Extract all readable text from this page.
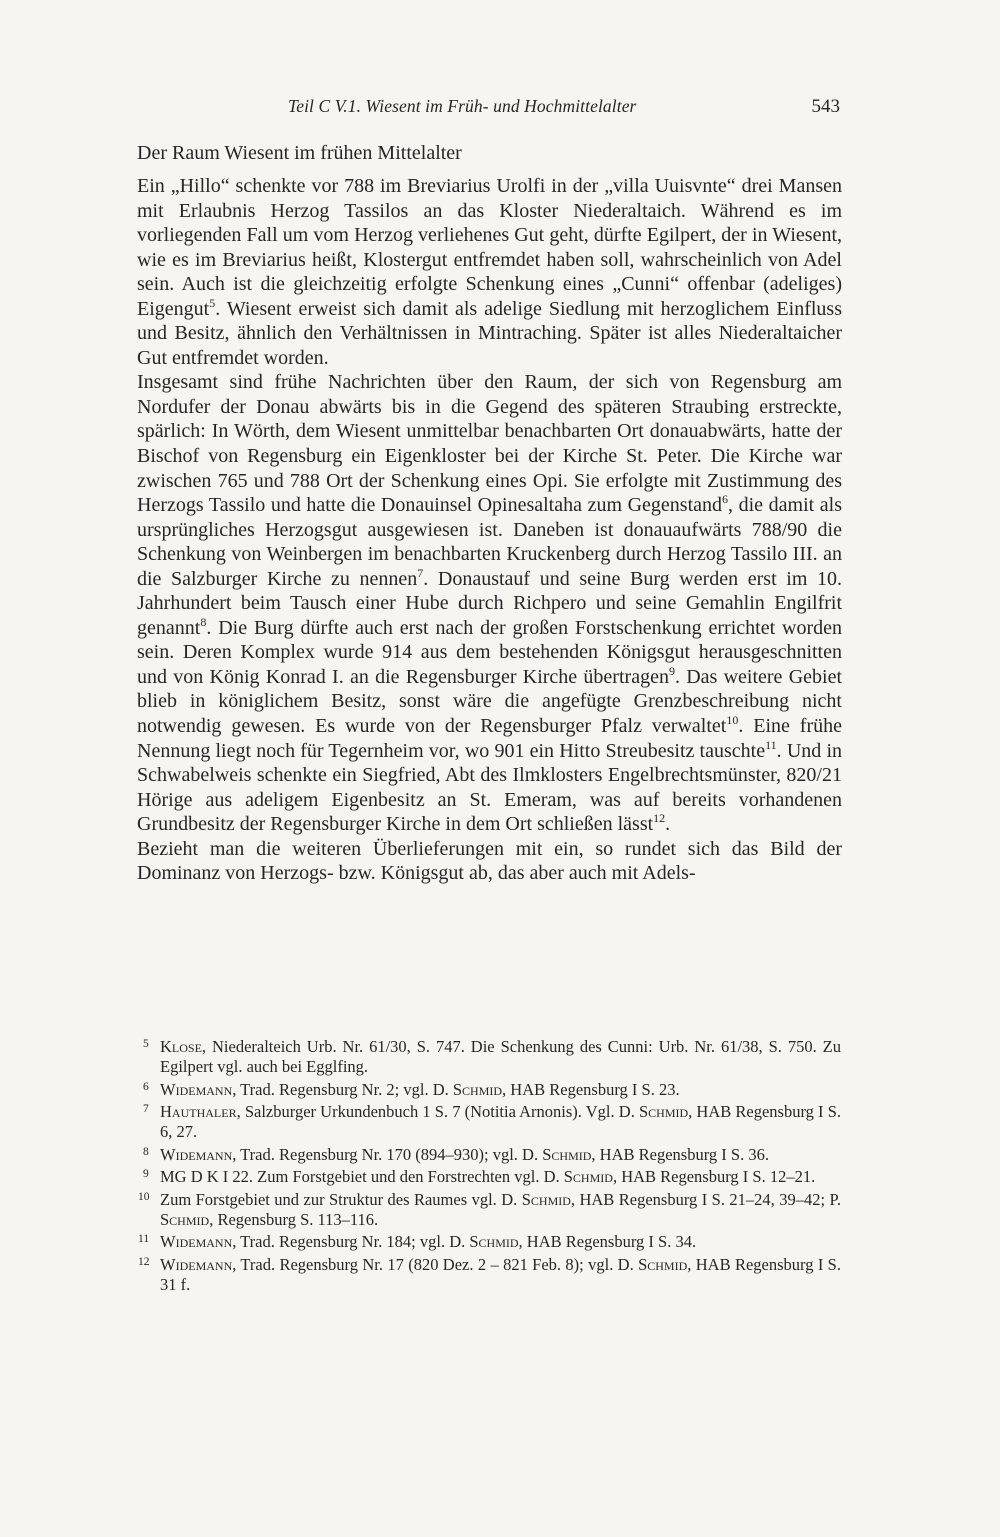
Teil C V.1. Wiesent im Früh- und Hochmittelalter	543
Der Raum Wiesent im frühen Mittelalter

Ein „Hillo“ schenkte vor 788 im Breviarius Urolfi in der „villa Uuisvnte“ drei Mansen mit Erlaubnis Herzog Tassilos an das Kloster Niederaltaich. Während es im vorliegenden Fall um vom Herzog verliehenes Gut geht, dürfte Egilpert, der in Wiesent, wie es im Breviarius heißt, Klostergut entfremdet haben soll, wahrscheinlich von Adel sein. Auch ist die gleichzeitig erfolgte Schenkung eines „Cunni“ offenbar (adeliges) Eigengut$^5$. Wiesent erweist sich damit als adelige Siedlung mit herzoglichem Einfluss und Besitz, ähnlich den Verhältnissen in Mintraching. Später ist alles Niederaltaicher Gut entfremdet worden.

Insgesamt sind frühe Nachrichten über den Raum, der sich von Regensburg am Nordufer der Donau abwärts bis in die Gegend des späteren Straubing erstreckte, spärlich: In Wörth, dem Wiesent unmittelbar benachbarten Ort donauabwärts, hatte der Bischof von Regensburg ein Eigenkloster bei der Kirche St. Peter. Die Kirche war zwischen 765 und 788 Ort der Schenkung eines Opi. Sie erfolgte mit Zustimmung des Herzogs Tassilo und hatte die Donauinsel Opinesaltaha zum Gegenstand$^6$, die damit als ursprüngliches Herzogsgut ausgewiesen ist. Daneben ist donauaufwärts 788/90 die Schenkung von Weinbergen im benachbarten Kruckenberg durch Herzog Tassilo III. an die Salzburger Kirche zu nennen$^7$. Donaustauf und seine Burg werden erst im 10. Jahrhundert beim Tausch einer Hube durch Richpero und seine Gemahlin Engilfrit genannt$^8$. Die Burg dürfte auch erst nach der großen Forstschenkung errichtet worden sein. Deren Komplex wurde 914 aus dem bestehenden Königsgut herausgeschnitten und von König Konrad I. an die Regensburger Kirche übertragen$^9$. Das weitere Gebiet blieb in königlichem Besitz, sonst wäre die angefügte Grenzbeschreibung nicht notwendig gewesen. Es wurde von der Regensburger Pfalz verwaltet$^{10}$. Eine frühe Nennung liegt noch für Tegernheim vor, wo 901 ein Hitto Streubesitz tauschte$^{11}$. Und in Schwabelweis schenkte ein Siegfried, Abt des Ilmklosters Engelbrechtsmünster, 820/21 Hörige aus adeligem Eigenbesitz an St. Emeram, was auf bereits vorhandenen Grundbesitz der Regensburger Kirche in dem Ort schließen lässt$^{12}$.

Bezieht man die weiteren Überlieferungen mit ein, so rundet sich das Bild der Dominanz von Herzogs- bzw. Königsgut ab, das aber auch mit Adels-

5 Klose, Niederalteich Urb. Nr. 61/30, S. 747. Die Schenkung des Cunni: Urb. Nr. 61/38, S. 750. Zu Egilpert vgl. auch bei Egglfing.
6 Widemann, Trad. Regensburg Nr. 2; vgl. D. Schmid, HAB Regensburg I S. 23.
7 Hauthaler, Salzburger Urkundenbuch 1 S. 7 (Notitia Arnonis). Vgl. D. Schmid, HAB Regensburg I S. 6, 27.
8 Widemann, Trad. Regensburg Nr. 170 (894–930); vgl. D. Schmid, HAB Regensburg I S. 36.
9 MG D K I 22. Zum Forstgebiet und den Forstrechten vgl. D. Schmid, HAB Regensburg I S. 12–21.
10 Zum Forstgebiet und zur Struktur des Raumes vgl. D. Schmid, HAB Regensburg I S. 21–24, 39–42; P. Schmid, Regensburg S. 113–116.
11 Widemann, Trad. Regensburg Nr. 184; vgl. D. Schmid, HAB Regensburg I S. 34.
12 Widemann, Trad. Regensburg Nr. 17 (820 Dez. 2 – 821 Feb. 8); vgl. D. Schmid, HAB Regensburg I S. 31 f.
